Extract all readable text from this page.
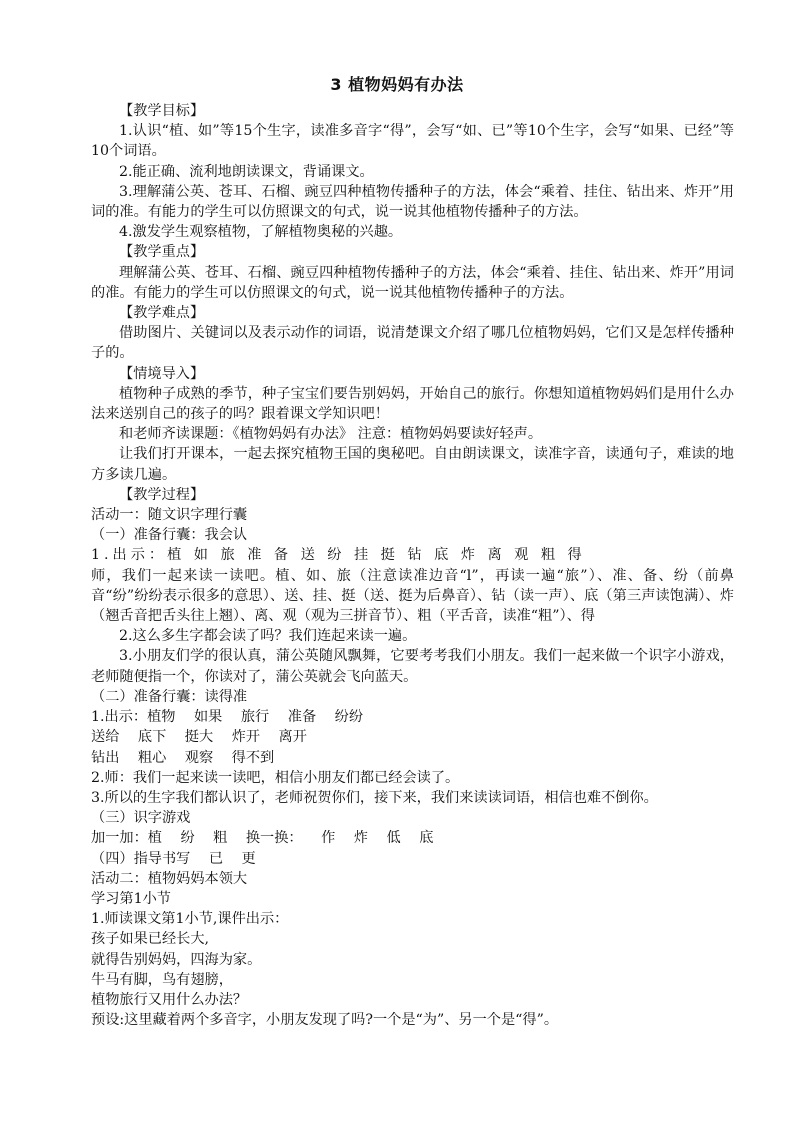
3 植物妈妈有办法

【教学目标】

1.认识“植、如”等15个生字，读准多音字“得”，会写“如、已”等10个生字，会写“如果、已经”等10个词语。

2.能正确、流利地朗读课文，背诵课文。

3.理解蒲公英、苍耳、石榴、豌豆四种植物传播种子的方法，体会“乘着、挂住、钻出来、炸开”用词的准。有能力的学生可以仿照课文的句式，说一说其他植物传播种子的方法。

4.激发学生观察植物，了解植物奥秘的兴趣。

【教学重点】

理解蒲公英、苍耳、石榴、豌豆四种植物传播种子的方法，体会“乘着、挂住、钻出来、炸开”用词的准。有能力的学生可以仿照课文的句式，说一说其他植物传播种子的方法。

【教学难点】

借助图片、关键词以及表示动作的词语，说清楚课文介绍了哪几位植物妈妈，它们又是怎样传播种子的。

【情境导入】

植物种子成熟的季节，种子宝宝们要告别妈妈，开始自己的旅行。你想知道植物妈妈们是用什么办法来送别自己的孩子的吗？跟着课文学知识吧！

和老师齐读课题：《植物妈妈有办法》 注意：植物妈妈要读好轻声。

让我们打开课本，一起去探究植物王国的奥秘吧。自由朗读课文，读准字音，读通句子，难读的地方多读几遍。

【教学过程】

活动一：随文识字理行囊

（一）准备行囊：我会认

1.出示：植 如 旅 准 备 送 纷 挂 挺 钻 底 炸 离 观 粗 得

师，我们一起来读一读吧。植、如、旅（注意读准边音“l”，再读一遍“旅”）、准、备、纷（前鼻音“纷”纷纷表示很多的意思）、送、挂、挺（送、挺为后鼻音）、钻（读一声）、底（第三声读饱满）、炸（翘舌音把舌头往上翘）、离、观（观为三拼音节）、粗（平舌音，读准“粗”）、得

2.这么多生字都会读了吗？我们连起来读一遍。

3.小朋友们学的很认真，蒲公英随风飘舞，它要考考我们小朋友。我们一起来做一个识字小游戏，老师随便指一个，你读对了，蒲公英就会飞向蓝天。

（二）准备行囊：读得准

1.出示：植物 如果 旅行 准备 纷纷

送给 底下 挺大 炸开 离开

钻出 粗心 观察 得不到

2.师：我们一起来读一读吧，相信小朋友们都已经会读了。

3.所以的生字我们都认识了，老师祝贺你们，接下来，我们来读读词语，相信也难不倒你。

（三）识字游戏

加一加：植 纷 粗 换一换： 作 炸 低 底

（四）指导书写 已 更

活动二：植物妈妈本领大

学习第1小节

1.师读课文第1小节,课件出示：

孩子如果已经长大,

就得告别妈妈，四海为家。

牛马有脚，鸟有翅膀，

植物旅行又用什么办法？

预设:这里藏着两个多音字，小朋友发现了吗?一个是“为”、另一个是“得”。
